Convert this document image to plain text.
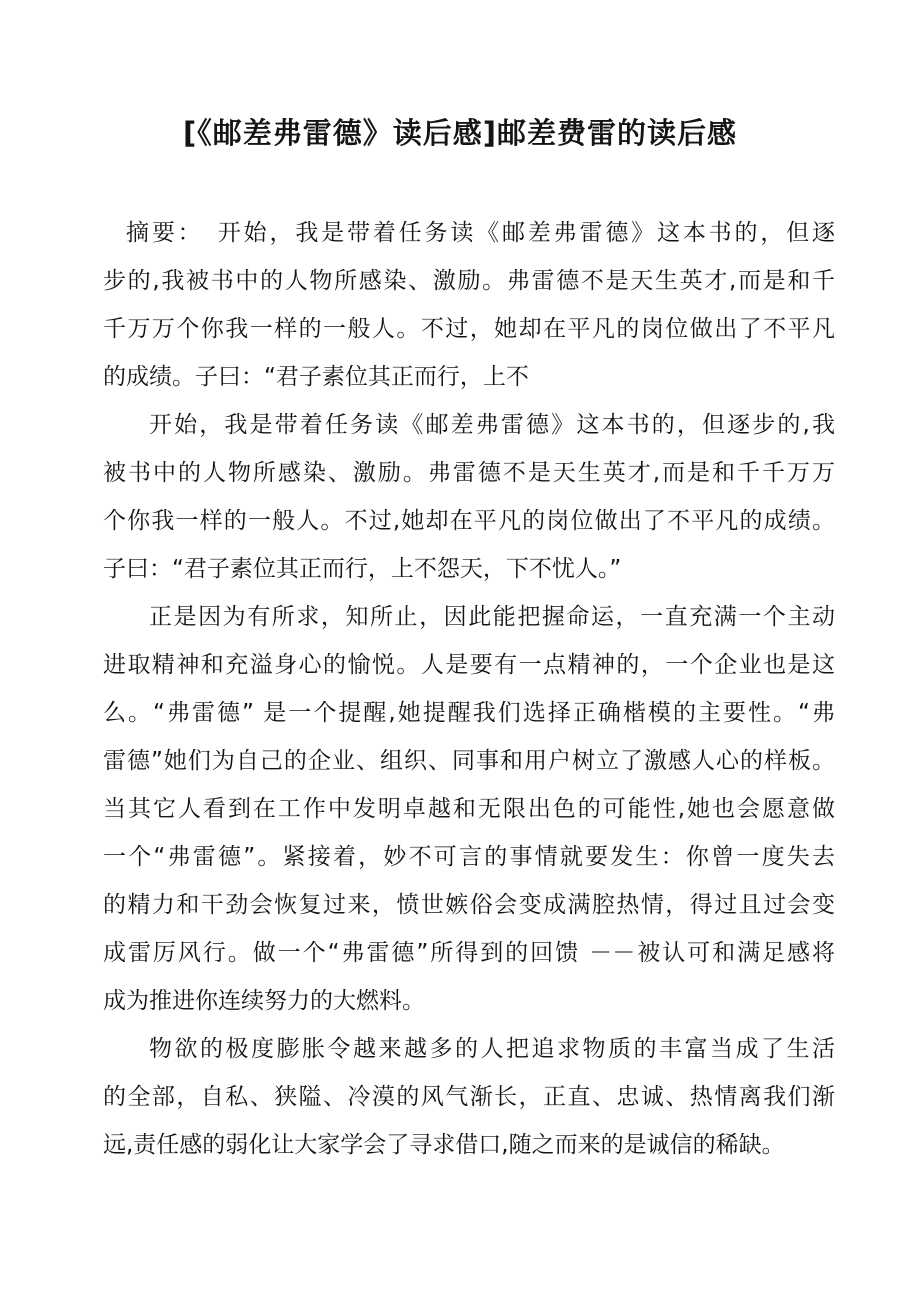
[《邮差弗雷德》读后感]邮差费雷的读后感
摘要：　开始，我是带着任务读《邮差弗雷德》这本书的，但逐
步的,我被书中的人物所感染、激励。弗雷德不是天生英才,而是和千
千万万个你我一样的一般人。不过，她却在平凡的岗位做出了不平凡
的成绩。子曰：“君子素位其正而行，上不
开始，我是带着任务读《邮差弗雷德》这本书的，但逐步的,我
被书中的人物所感染、激励。弗雷德不是天生英才,而是和千千万万
个你我一样的一般人。不过,她却在平凡的岗位做出了不平凡的成绩。
子曰：“君子素位其正而行，上不怨天，下不忧人。”
正是因为有所求，知所止，因此能把握命运，一直充满一个主动
进取精神和充溢身心的愉悦。人是要有一点精神的，一个企业也是这
么。“弗雷德” 是一个提醒,她提醒我们选择正确楷模的主要性。“弗
雷德”她们为自己的企业、组织、同事和用户树立了激感人心的样板。
当其它人看到在工作中发明卓越和无限出色的可能性,她也会愿意做
一个“弗雷德”。紧接着，妙不可言的事情就要发生：你曾一度失去
的精力和干劲会恢复过来，愤世嫉俗会变成满腔热情，得过且过会变
成雷厉风行。做一个“弗雷德”所得到的回馈 －－被认可和满足感将
成为推进你连续努力的大燃料。
物欲的极度膨胀令越来越多的人把追求物质的丰富当成了生活
的全部，自私、狭隘、冷漠的风气渐长，正直、忠诚、热情离我们渐
远,责任感的弱化让大家学会了寻求借口,随之而来的是诚信的稀缺。
